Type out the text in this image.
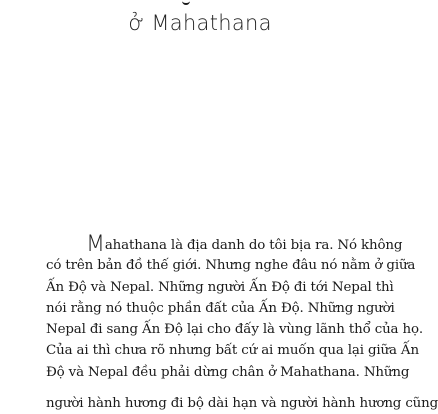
ở Mahathana
Mahathana là địa danh do tôi bịa ra. Nó không
có trên bản đồ thế giới. Nhưng nghe đâu nó nằm ở giữa
Ấn Độ và Nepal. Những người Ấn Độ đi tới Nepal thì
nói rằng nó thuộc phần đất của Ấn Độ. Những người
Nepal đi sang Ấn Độ lại cho đấy là vùng lãnh thổ của họ.
Của ai thì chưa rõ nhưng bất cứ ai muốn qua lại giữa Ấn
Độ và Nepal đều phải dừng chân ở Mahathana. Những
người hành hương đi bộ dài hạn và người hành hương cũng
